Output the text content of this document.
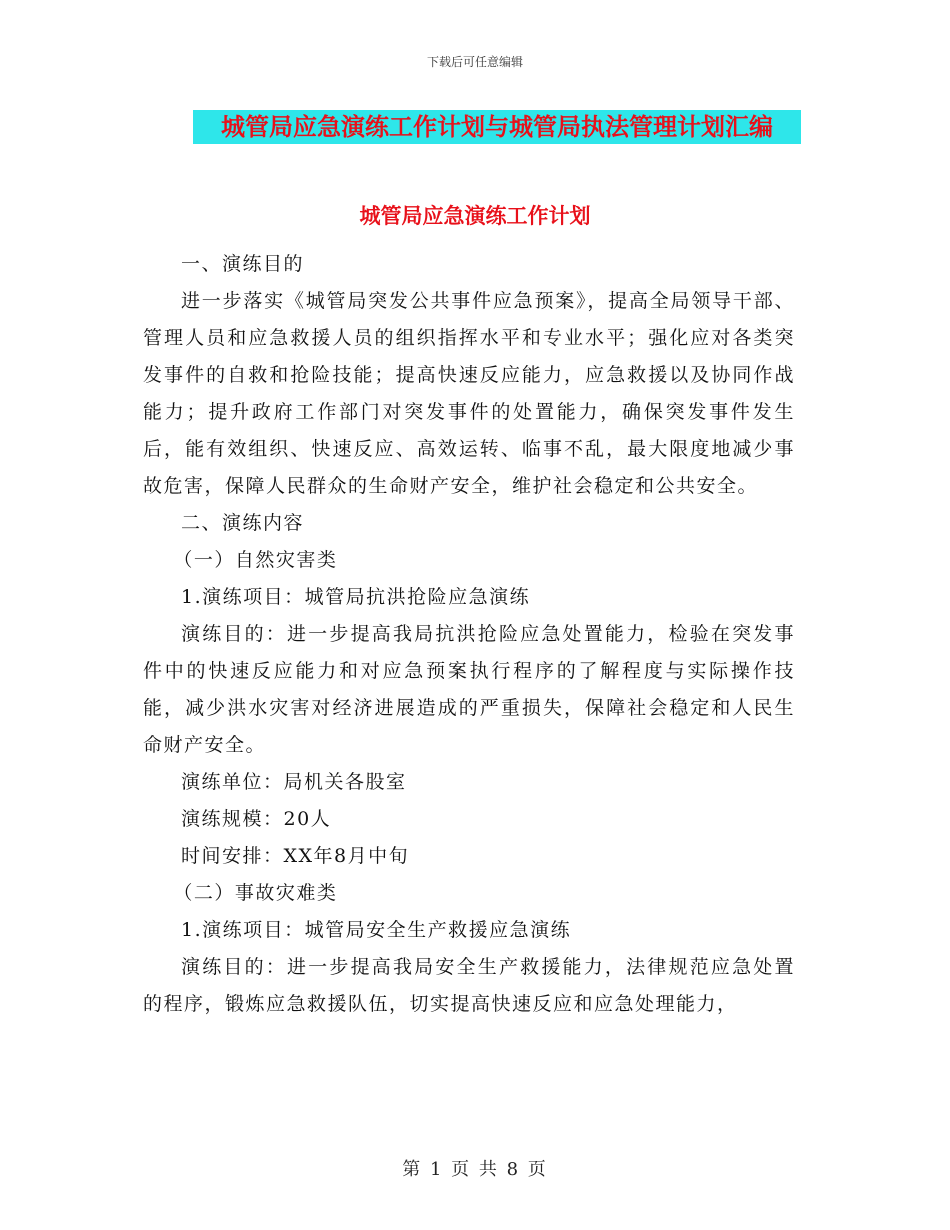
下载后可任意编辑
城管局应急演练工作计划与城管局执法管理计划汇编
城管局应急演练工作计划

一、演练目的

进一步落实《城管局突发公共事件应急预案》，提高全局领导干部、管理人员和应急救援人员的组织指挥水平和专业水平；强化应对各类突发事件的自救和抢险技能；提高快速反应能力，应急救援以及协同作战能力；提升政府工作部门对突发事件的处置能力，确保突发事件发生后，能有效组织、快速反应、高效运转、临事不乱，最大限度地减少事故危害，保障人民群众的生命财产安全，维护社会稳定和公共安全。

二、演练内容

（一）自然灾害类

1.演练项目：城管局抗洪抢险应急演练

演练目的：进一步提高我局抗洪抢险应急处置能力，检验在突发事件中的快速反应能力和对应急预案执行程序的了解程度与实际操作技能，减少洪水灾害对经济进展造成的严重损失，保障社会稳定和人民生命财产安全。

演练单位：局机关各股室

演练规模：20人

时间安排：XX年8月中旬

（二）事故灾难类

1.演练项目：城管局安全生产救援应急演练

演练目的：进一步提高我局安全生产救援能力，法律规范应急处置的程序，锻炼应急救援队伍，切实提高快速反应和应急处理能力，

第 1 页 共 8 页
